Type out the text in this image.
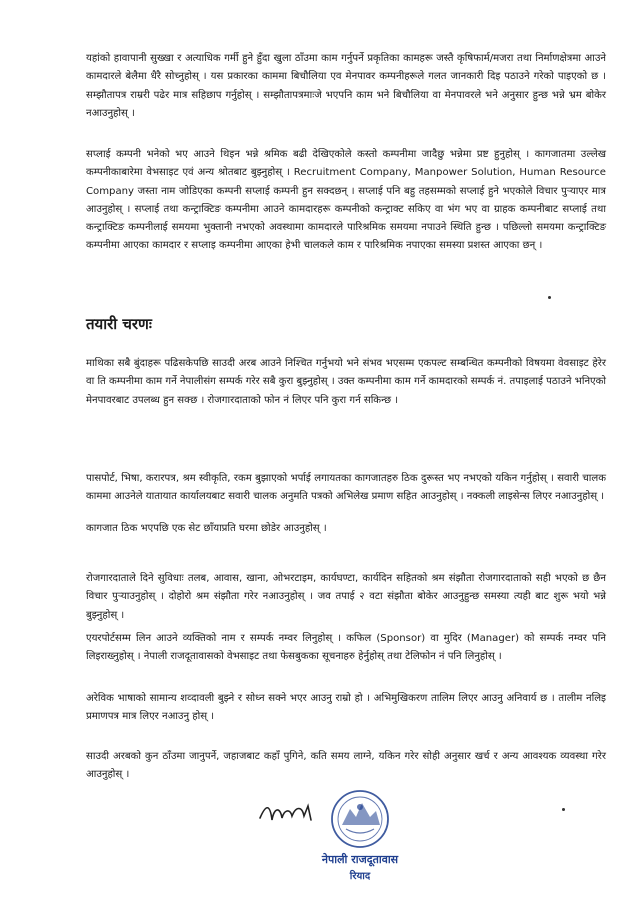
यहांको हावापानी सुख्खा र अत्याधिक गर्मी हुने हुँदा खुला ठाँउमा काम गर्नुपर्ने प्रकृतिका कामहरू जस्तै कृषिफार्म/मजरा तथा निर्माणक्षेत्रमा आउने कामदारले बेलैमा धैरै सोच्नुहोस् । यस प्रकारका काममा बिचौलिया एव मेनपावर कम्पनीहरूले गलत जानकारी दिइ पठाउने गरेको पाइएको छ । सम्झौतापत्र राम्ररी पढेर मात्र सहिछाप गर्नुहोस् । सम्झौतापत्रमाःजे भएपनि काम भने बिचौलिया वा मेनपावरले भने अनुसार हुन्छ भन्ने भ्रम बोकेर नआउनुहोस् ।

सप्लाई कम्पनी भनेको भए आउने थिइन भन्ने श्रमिक बढी देखिएकोले कस्तो कम्पनीमा जादैछु भन्नेमा प्रष्ट हुनुहोस् । कागजातमा उल्लेख कम्पनीकाबारेमा वेभसाइट एवं अन्य श्रोतबाट बुझ्नुहोस् । Recruitment Company, Manpower Solution, Human Resource Company जस्ता नाम जोडिएका कम्पनी सप्लाई कम्पनी हुन सक्दछन् । सप्लाई पनि बहु तहसम्मको सप्लाई हुने भएकोले विचार पुऱ्याएर मात्र आउनुहोस् । सप्लाई तथा कन्ट्राक्टिङ कम्पनीमा आउने कामदारहरू कम्पनीको कन्ट्राक्ट सकिए वा भंग भए वा ग्राहक कम्पनीबाट सप्लाई तथा कन्ट्राक्टिङ कम्पनीलाई समयमा भुक्तानी नभएको अवस्थामा कामदारले पारिश्रमिक समयमा नपाउने स्थिति हुन्छ । पछिल्लो समयमा कन्ट्राक्टिङ कम्पनीमा आएका कामदार र सप्लाइ कम्पनीमा आएका हेभी चालकले काम र पारिश्रमिक नपाएका समस्या प्रशस्त आएका छन् ।

तयारी चरणः

माथिका सबै बुंदाहरू पढिसकेपछि साउदी अरब आउने निश्चित गर्नुभयो भने संभव भएसम्म एकपल्ट सम्बन्धित कम्पनीको विषयमा वेवसाइट हेरेर वा ति कम्पनीमा काम गर्ने नेपालीसंग सम्पर्क गरेर सबै कुरा बुझ्नुहोस् । उक्त कम्पनीमा काम गर्ने कामदारको सम्पर्क नं. तपाइलाई पठाउने भनिएको मेनपावरबाट उपलब्ध हुन सक्छ । रोजगारदाताको फोन नं लिएर पनि कुरा गर्न सकिन्छ ।

पासपोर्ट, भिषा, करारपत्र, श्रम स्वीकृति, रकम बुझाएको भर्पाई लगायतका कागजातहरु ठिक दुरूस्त भए नभएको यकिन गर्नुहोस् । सवारी चालक काममा आउनेले यातायात कार्यालयबाट सवारी चालक अनुमति पत्रको अभिलेख प्रमाण सहित आउनुहोस् । नक्कली लाइसेन्स लिएर नआउनुहोस् ।

कागजात ठिक भएपछि एक सेट छाँयाप्रति घरमा छोडेर आउनुहोस् ।

रोजगारदाताले दिने सुविधाः तलब, आवास, खाना, ओभरटाइम, कार्यघण्टा, कार्यदिन सहितको श्रम संझौता रोजगारदाताको सही भएको छ छैन विचार पुऱ्याउनुहोस् । दोहोरो श्रम संझौता गरेर नआउनुहोस् । जव तपाई २ वटा संझौता बोकेर आउनुहुन्छ समस्या त्यही बाट शुरू भयो भन्ने बुझ्नुहोस् ।

एयरपोर्टसम्म लिन आउने व्यक्तिको नाम र सम्पर्क नम्वर लिनुहोस् । कफिल (Sponsor) वा मुदिर (Manager) को सम्पर्क नम्वर पनि लिइराख्नुहोस् । नेपाली राजदूतावासको वेभसाइट तथा फेसबुकका सूचनाहरु हेर्नुहोस् तथा टेलिफोन नं पनि लिनुहोस् ।

अरेविक भाषाको सामान्य शव्दावली बुझ्ने र सोध्न सक्ने भएर आउनु राम्रो हो । अभिमुखिकरण तालिम लिएर आउनु अनिवार्य छ । तालीम नलिइ प्रमाणपत्र मात्र लिएर नआउनु होस् ।

साउदी अरबको कुन ठाँउमा जानुपर्ने, जहाजबाट कहाँ पुगिने, कति समय लाग्ने, यकिन गरेर सोही अनुसार खर्च र अन्य आवश्यक व्यवस्था गरेर आउनुहोस् ।

नेपाली राजदूतावास
रियाद
